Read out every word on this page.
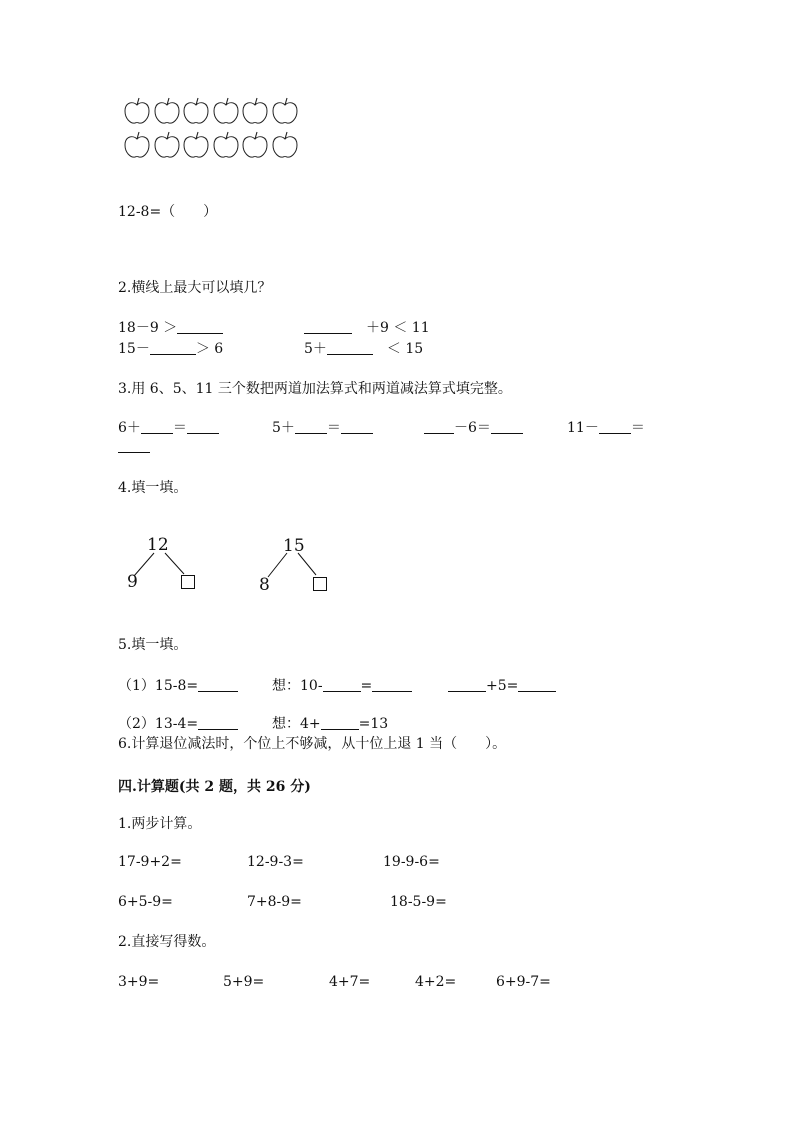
12-8=（　　）
2.横线上最大可以填几？
18－9 ＞	　＋9 ＜ 11
15－	＞ 6	5＋	＜ 15
3.用 6、5、11 三个数把两道加法算式和两道减法算式填完整。
6＋ ＝	5＋ ＝	－6＝	11－ ＝
4.填一填。
12
9
15
8
5.填一填。
（1）15-8=	想：10-	=	+5=
（2）13-4=	想：4+	=13
6.计算退位减法时，个位上不够减，从十位上退 1 当（　　）。
四.计算题(共 2 题，共 26 分)
1.两步计算。
17-9+2=	12-9-3=	19-9-6=
6+5-9=	7+8-9=	18-5-9=
2.直接写得数。
3+9=	5+9=	4+7=	4+2=	6+9-7=
